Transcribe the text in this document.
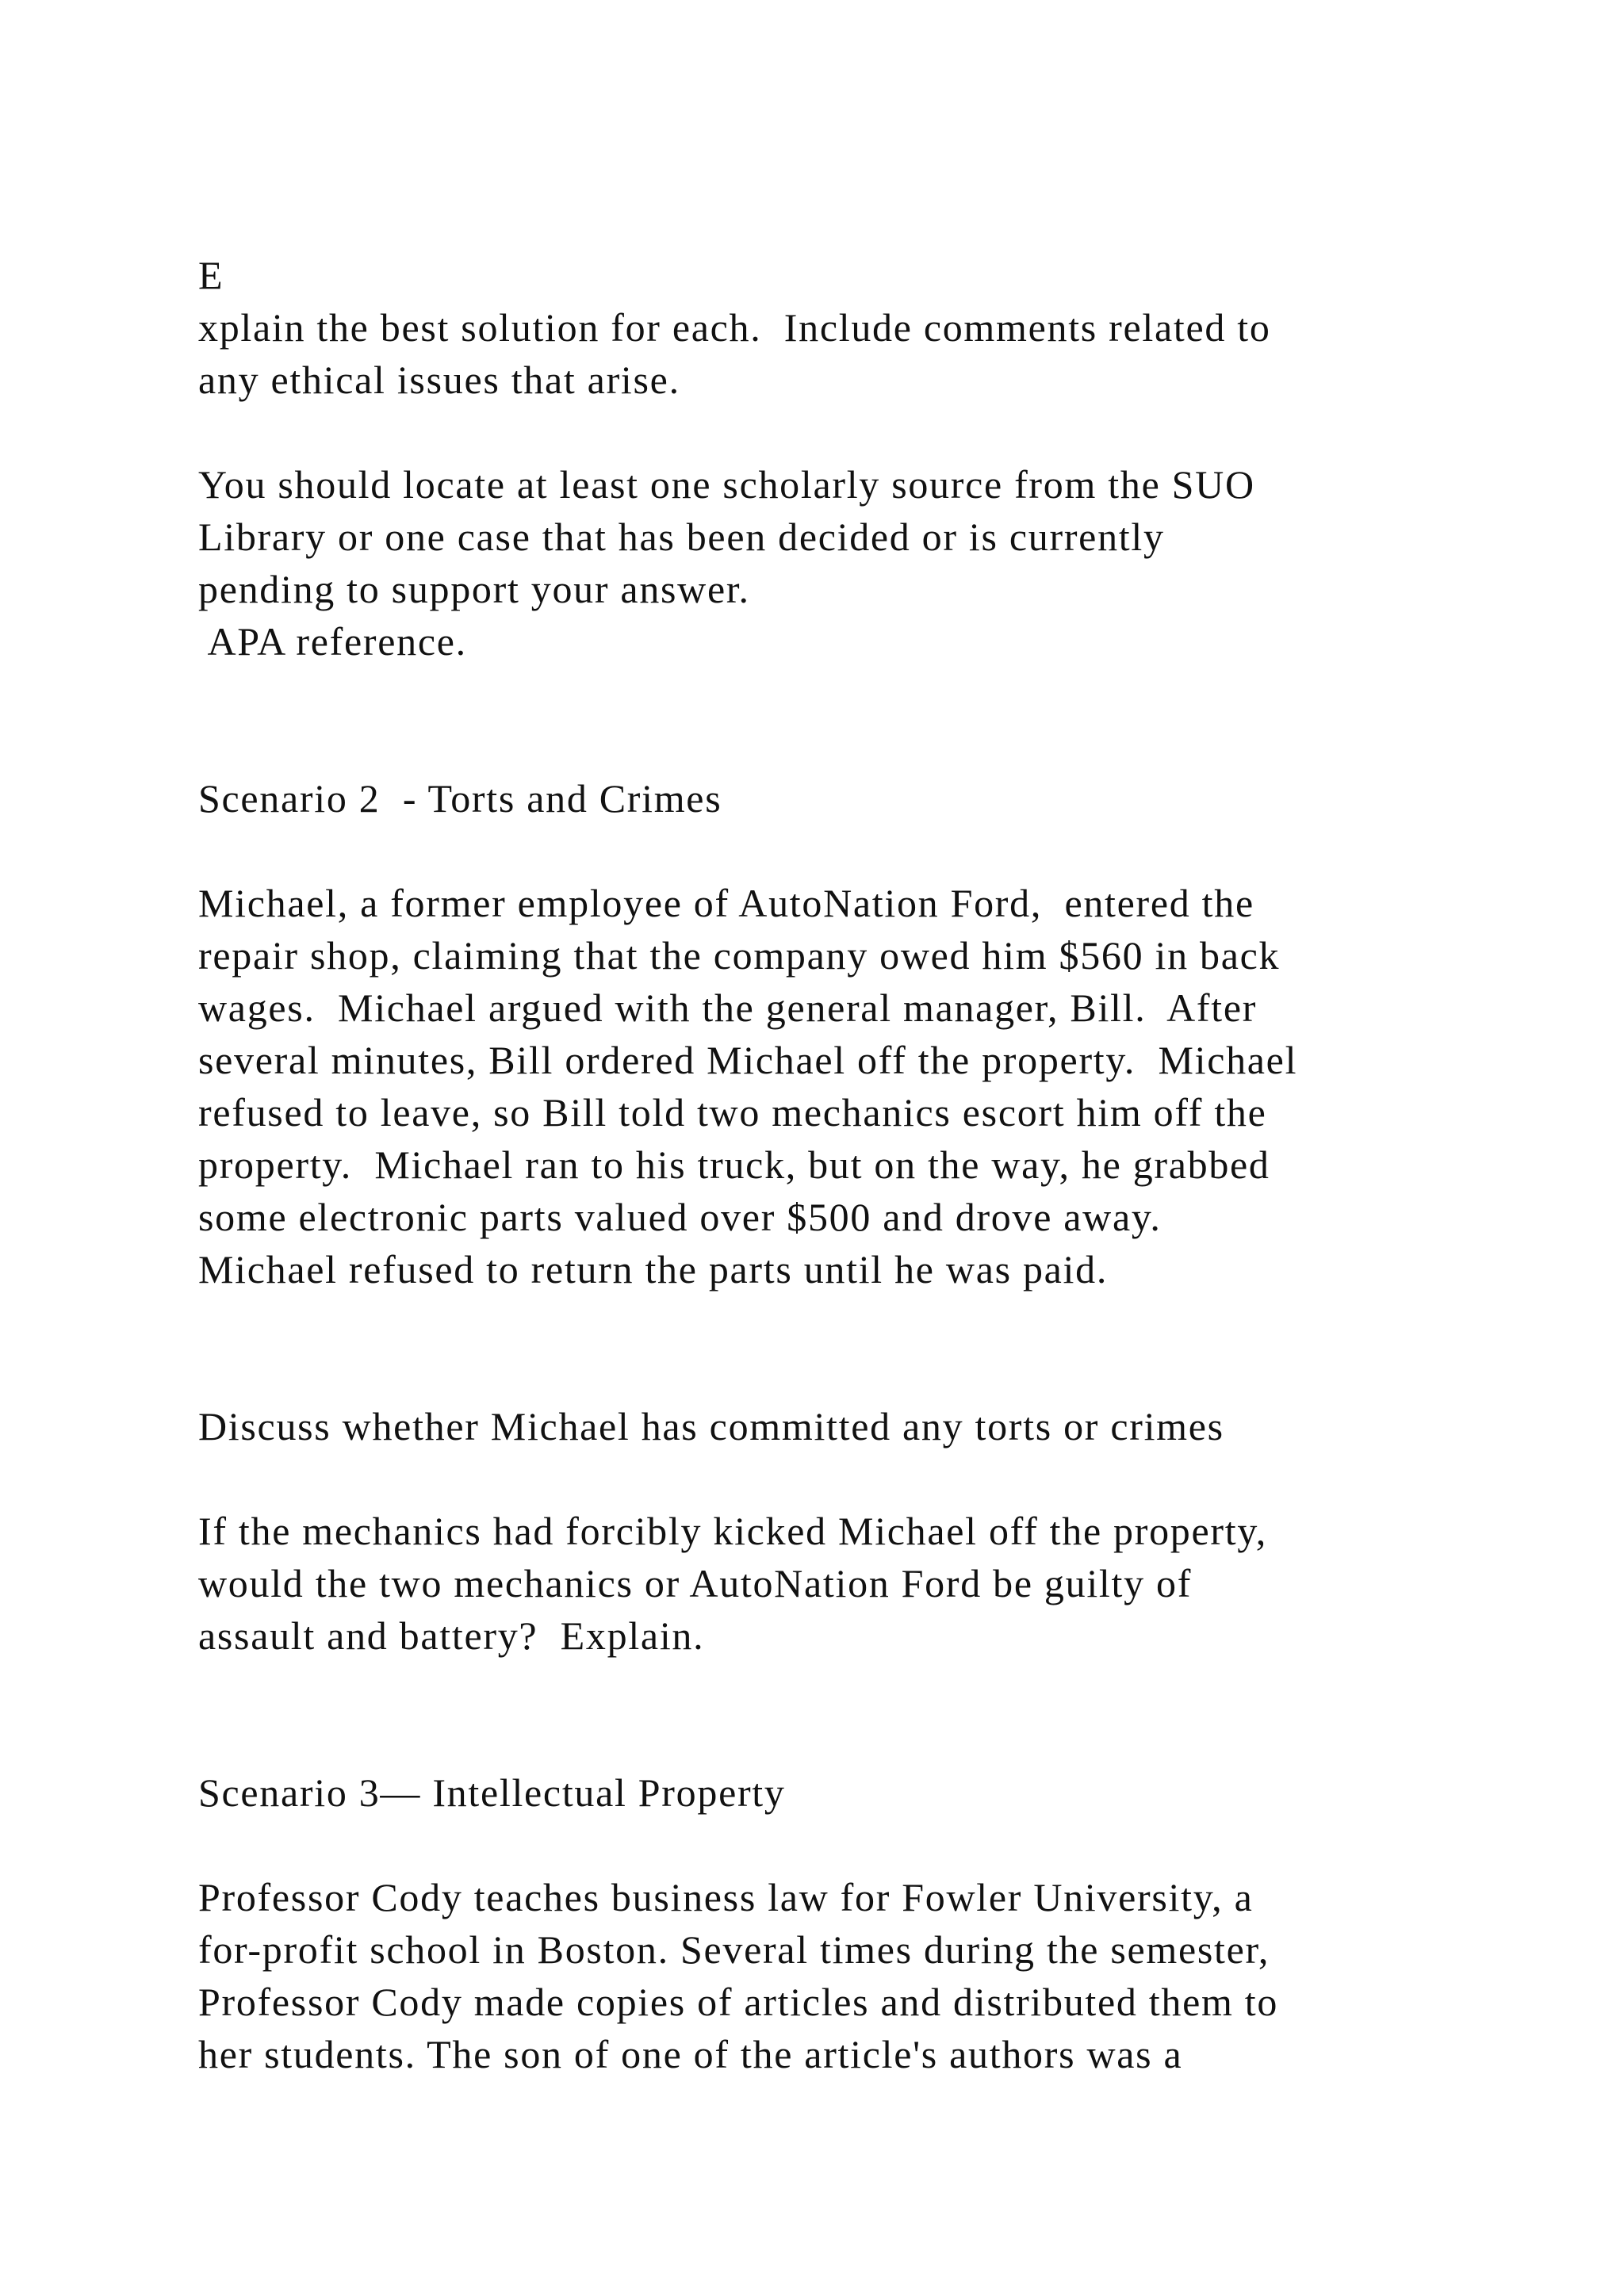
E

xplain the best solution for each.  Include comments related to

any ethical issues that arise.

You should locate at least one scholarly source from the SUO

Library or one case that has been decided or is currently

pending to support your answer.

APA reference.

Scenario 2  - Torts and Crimes

Michael, a former employee of AutoNation Ford,  entered the

repair shop, claiming that the company owed him $560 in back

wages.  Michael argued with the general manager, Bill.  After

several minutes, Bill ordered Michael off the property.  Michael

refused to leave, so Bill told two mechanics escort him off the

property.  Michael ran to his truck, but on the way, he grabbed

some electronic parts valued over $500 and drove away.

Michael refused to return the parts until he was paid.

Discuss whether Michael has committed any torts or crimes

If the mechanics had forcibly kicked Michael off the property,

would the two mechanics or AutoNation Ford be guilty of

assault and battery?  Explain.

Scenario 3— Intellectual Property

Professor Cody teaches business law for Fowler University, a

for-profit school in Boston. Several times during the semester,

Professor Cody made copies of articles and distributed them to

her students. The son of one of the article's authors was a
